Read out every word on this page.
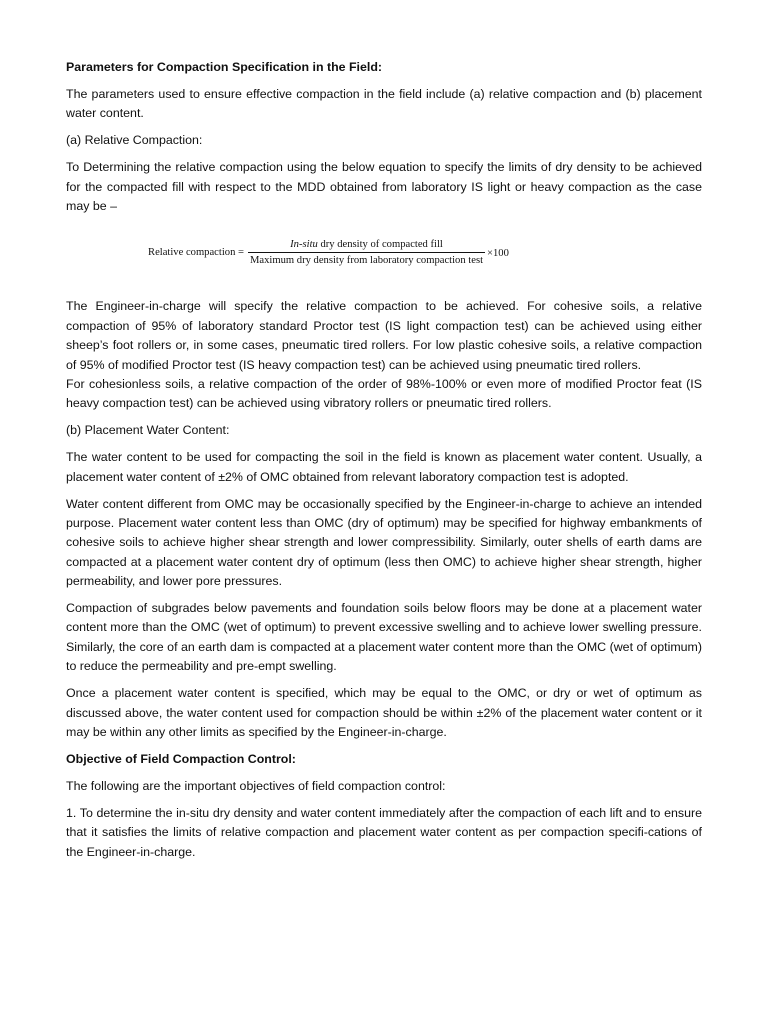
Parameters for Compaction Specification in the Field:

The parameters used to ensure effective compaction in the field include (a) relative compaction and (b) placement water content.

(a) Relative Compaction:

To Determining the relative compaction using the below equation to specify the limits of dry density to be achieved for the compacted fill with respect to the MDD obtained from laboratory IS light or heavy compaction as the case may be –

Relative compaction = $\frac{\text{In-situ dry density of compacted fill}}{\text{Maximum dry density from laboratory compaction test}} \times 100$

The Engineer-in-charge will specify the relative compaction to be achieved. For cohesive soils, a relative compaction of 95% of laboratory standard Proctor test (IS light compaction test) can be achieved using either sheep’s foot rollers or, in some cases, pneumatic tired rollers. For low plastic cohesive soils, a relative compaction of 95% of modified Proctor test (IS heavy compaction test) can be achieved using pneumatic tired rollers.

For cohesionless soils, a relative compaction of the order of 98%-100% or even more of modified Proctor feat (IS heavy compaction test) can be achieved using vibratory rollers or pneumatic tired rollers.

(b) Placement Water Content:

The water content to be used for compacting the soil in the field is known as placement water content. Usually, a placement water content of ±2% of OMC obtained from relevant laboratory compaction test is adopted.

Water content different from OMC may be occasionally specified by the Engineer-in-charge to achieve an intended purpose. Placement water content less than OMC (dry of optimum) may be specified for highway embankments of cohesive soils to achieve higher shear strength and lower compressibility. Similarly, outer shells of earth dams are compacted at a placement water content dry of optimum (less then OMC) to achieve higher shear strength, higher permeability, and lower pore pressures.

Compaction of subgrades below pavements and foundation soils below floors may be done at a placement water content more than the OMC (wet of optimum) to prevent excessive swelling and to achieve lower swelling pressure. Similarly, the core of an earth dam is compacted at a placement water content more than the OMC (wet of optimum) to reduce the permeability and pre-empt swelling.

Once a placement water content is specified, which may be equal to the OMC, or dry or wet of optimum as discussed above, the water content used for compaction should be within ±2% of the placement water content or it may be within any other limits as specified by the Engineer-in-charge.

Objective of Field Compaction Control:

The following are the important objectives of field compaction control:

1. To determine the in-situ dry density and water content immediately after the compaction of each lift and to ensure that it satisfies the limits of relative compaction and placement water content as per compaction specifi-cations of the Engineer-in-charge.
